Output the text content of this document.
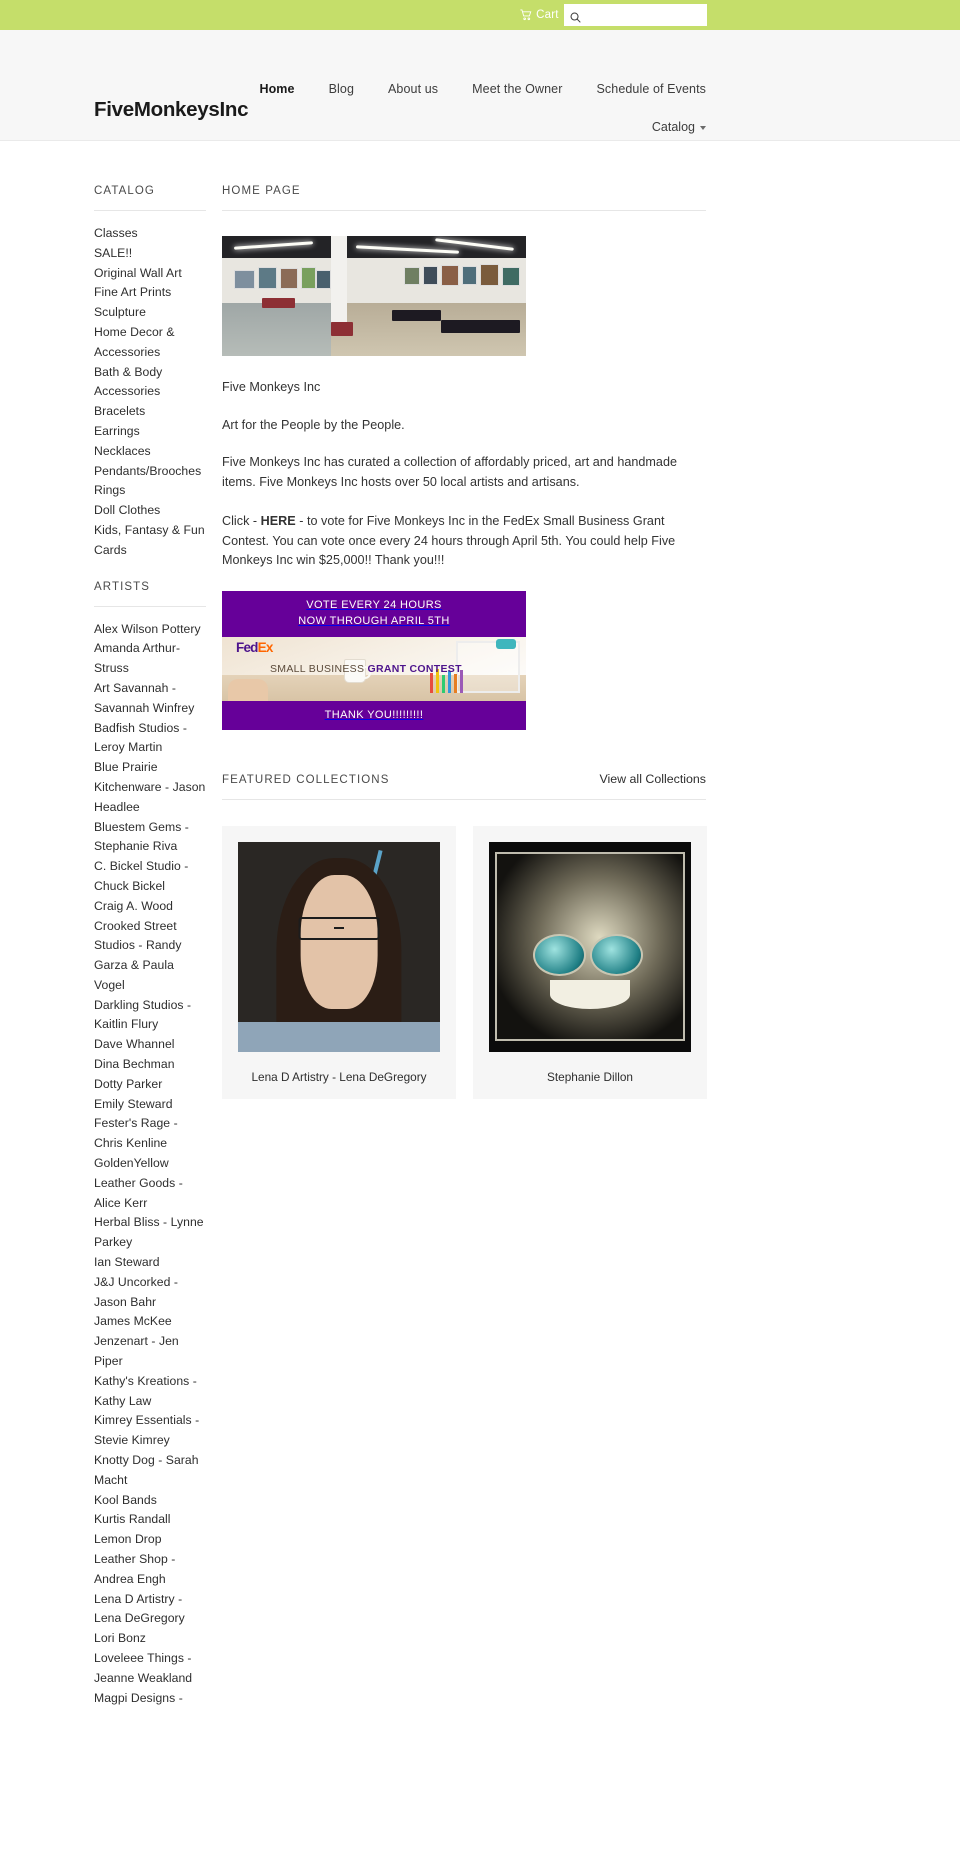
Cart
FiveMonkeysInc
Home	Blog	About us	Meet the Owner	Schedule of Events
Catalog
CATALOG
Classes
SALE!!
Original Wall Art
Fine Art Prints
Sculpture
Home Decor & Accessories
Bath & Body
Accessories
Bracelets
Earrings
Necklaces
Pendants/Brooches
Rings
Doll Clothes
Kids, Fantasy & Fun
Cards
ARTISTS
Alex Wilson Pottery
Amanda Arthur-Struss
Art Savannah - Savannah Winfrey
Badfish Studios - Leroy Martin
Blue Prairie Kitchenware - Jason Headlee
Bluestem Gems - Stephanie Riva
C. Bickel Studio - Chuck Bickel
Craig A. Wood
Crooked Street Studios - Randy Garza & Paula Vogel
Darkling Studios - Kaitlin Flury
Dave Whannel
Dina Bechman
Dotty Parker
Emily Steward
Fester's Rage - Chris Kenline
GoldenYellow Leather Goods - Alice Kerr
Herbal Bliss - Lynne Parkey
Ian Steward
J&J Uncorked - Jason Bahr
James McKee
Jenzenart - Jen Piper
Kathy's Kreations - Kathy Law
Kimrey Essentials - Stevie Kimrey
Knotty Dog - Sarah Macht
Kool Bands
Kurtis Randall
Lemon Drop Leather Shop - Andrea Engh
Lena D Artistry - Lena DeGregory
Lori Bonz
Loveleee Things - Jeanne Weakland
Magpi Designs -
HOME PAGE

Five Monkeys Inc

Art for the People by the People.

Five Monkeys Inc has curated a collection of affordably priced, art and handmade items. Five Monkeys Inc hosts over 50 local artists and artisans.

Click - HERE - to vote for Five Monkeys Inc in the FedEx Small Business Grant Contest. You can vote once every 24 hours through April 5th. You could help Five Monkeys Inc win $25,000!! Thank you!!!

VOTE EVERY 24 HOURS
NOW THROUGH APRIL 5TH
FedEx
SMALL BUSINESS GRANT CONTEST
THANK YOU!!!!!!!!!
FEATURED COLLECTIONS	View all Collections
Lena D Artistry - Lena DeGregory	Stephanie Dillon
